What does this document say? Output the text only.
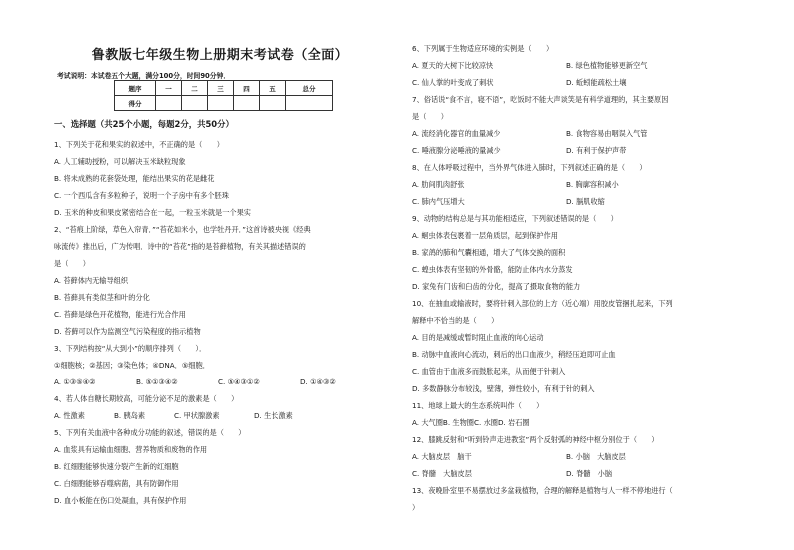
鲁教版七年级生物上册期末考试卷（全面）
考试说明：本试卷五个大题，满分100分，时间90分钟．
题序	一	二	三	四	五	总分
得分						
一、选择题（共25个小题，每题2分，共50分）
1、下列关于花和果实的叙述中，不正确的是（　　）
A. 人工辅助授粉，可以解决玉米缺粒现象
B. 将未成熟的花套袋处理，能结出果实的花是雌花
C. 一个西瓜含有多粒种子，说明一个子房中有多个胚珠
D. 玉米的种皮和果皮紧密结合在一起，一粒玉米就是一个果实
2、“苔痕上阶绿，草色入帘青．”“苔花如米小，也学牡丹开．”这首诗被央视《经典
咏流传》推出后，广为传唱．诗中的“苔花”指的是苔藓植物，有关其描述错误的
是（　　）
A. 苔藓体内无输导组织
B. 苔藓具有类似茎和叶的分化
C. 苔藓是绿色开花植物，能进行光合作用
D. 苔藓可以作为监测空气污染程度的指示植物
3、下列结构按“从大到小”的顺序排列（　　）．
①细胞核；②基因；③染色体；④DNA．⑤细胞．
A. ①③⑤④②	B. ⑤①③④②	C. ⑤④③①②	D. ①④③②
4、若人体自糖长期较高，可能分泌不足的激素是（　　）
A. 性激素	B. 胰岛素	C. 甲状腺激素	D. 生长激素
5、下列有关血液中各种成分功能的叙述，错误的是（　　）
A. 血浆具有运输血细胞、营养物质和废物的作用
B. 红细胞能够快速分裂产生新的红细胞
C. 白细胞能够吞噬病菌，具有防御作用
D. 血小板能在伤口处凝血，具有保护作用
6、下列属于生物适应环境的实例是（　　）
A. 夏天的大树下比较凉快	B. 绿色植物能够更新空气
C. 仙人掌的叶变成了刺状	D. 蚯蚓能疏松土壤
7、俗话说“食不言，寝不语”，吃饭时不能大声谈笑是有科学道理的，其主要原因
是（　　）
A. 流经消化器官的血量减少	B. 食物容易由咽误入气管
C. 唾液腺分泌唾液的量减少	D. 有利于保护声带
8、在人体呼吸过程中，当外界气体进入肺时，下列叙述正确的是（　　）
A. 肋间肌肉舒张	B. 胸廓容积减小
C. 肺内气压增大	D. 膈肌收缩
9、动物的结构总是与其功能相适应，下列叙述错误的是（　　）
A. 蛔虫体表包裹着一层角质层，起到保护作用
B. 家鸽的肺和气囊相通，增大了气体交换的面积
C. 蝗虫体表有坚韧的外骨骼，能防止体内水分蒸发
D. 家兔有门齿和臼齿的分化，提高了摄取食物的能力
10、在抽血或输液时，要将针刺入部位的上方（近心端）用胶皮管捆扎起来，下列
解释中不恰当的是（　　）
A. 目的是减缓或暂时阻止血液的向心运动
B. 动脉中血液向心流动，刺后的出口血液少，稍经压迫即可止血
C. 血管由于血液多而鼓胀起来，从而便于针刺入
D. 多数静脉分布较浅，壁薄，弹性较小，有利于针的刺入
11、地球上最大的生态系统叫作（　　）
A. 大气圈B. 生物圈C. 水圈D. 岩石圈
12、膝跳反射和“听到铃声走进教室”两个反射弧的神经中枢分别位于（　　）
A. 大脑皮层　脑干	B. 小脑　大脑皮层
C. 脊髓　大脑皮层	D. 脊髓　小脑
13、夜晚卧室里不易摆放过多盆栽植物，合理的解释是植物与人一样不停地进行（
）
